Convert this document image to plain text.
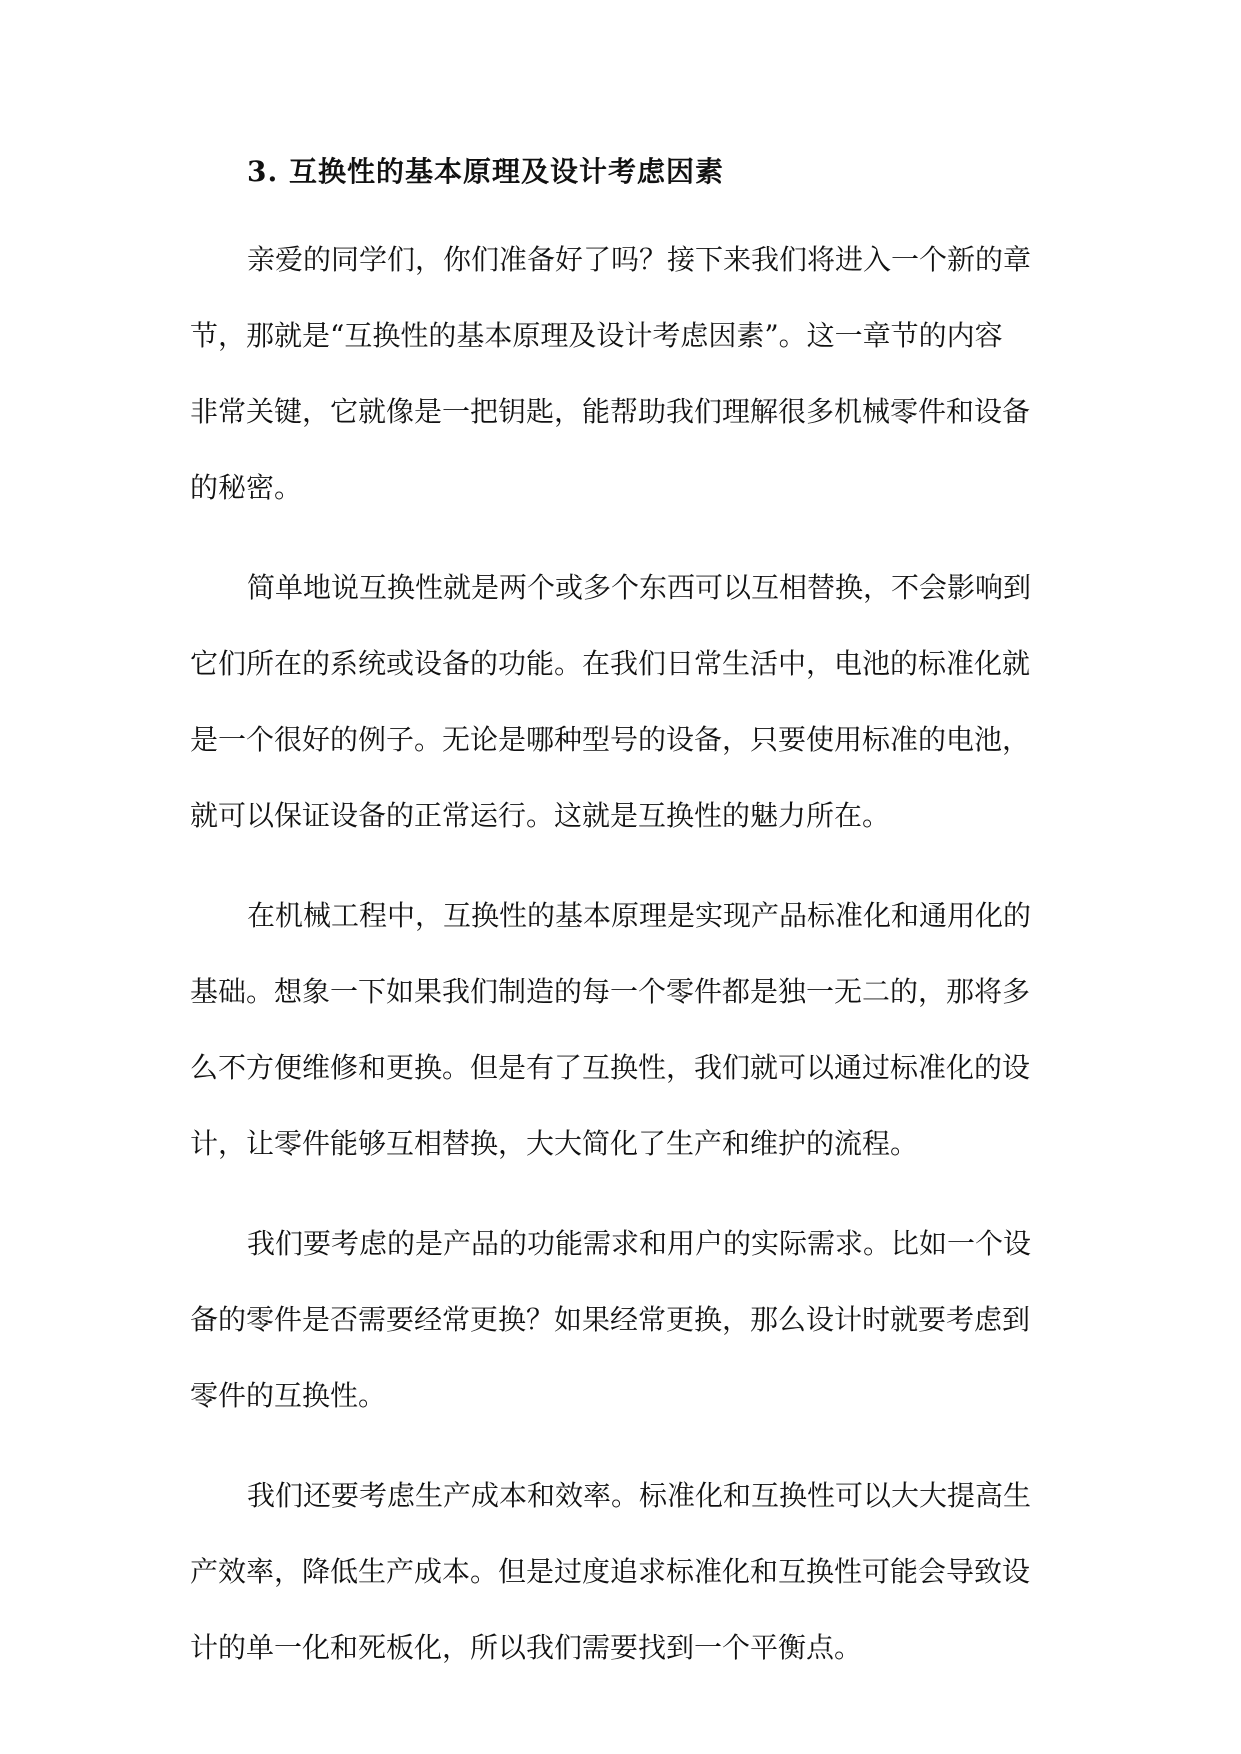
3. 互换性的基本原理及设计考虑因素
亲爱的同学们，你们准备好了吗？接下来我们将进入一个新的章
节，那就是“互换性的基本原理及设计考虑因素”。这一章节的内容
非常关键，它就像是一把钥匙，能帮助我们理解很多机械零件和设备
的秘密。
简单地说互换性就是两个或多个东西可以互相替换，不会影响到
它们所在的系统或设备的功能。在我们日常生活中，电池的标准化就
是一个很好的例子。无论是哪种型号的设备，只要使用标准的电池，
就可以保证设备的正常运行。这就是互换性的魅力所在。
在机械工程中，互换性的基本原理是实现产品标准化和通用化的
基础。想象一下如果我们制造的每一个零件都是独一无二的，那将多
么不方便维修和更换。但是有了互换性，我们就可以通过标准化的设
计，让零件能够互相替换，大大简化了生产和维护的流程。
我们要考虑的是产品的功能需求和用户的实际需求。比如一个设
备的零件是否需要经常更换？如果经常更换，那么设计时就要考虑到
零件的互换性。
我们还要考虑生产成本和效率。标准化和互换性可以大大提高生
产效率，降低生产成本。但是过度追求标准化和互换性可能会导致设
计的单一化和死板化，所以我们需要找到一个平衡点。
